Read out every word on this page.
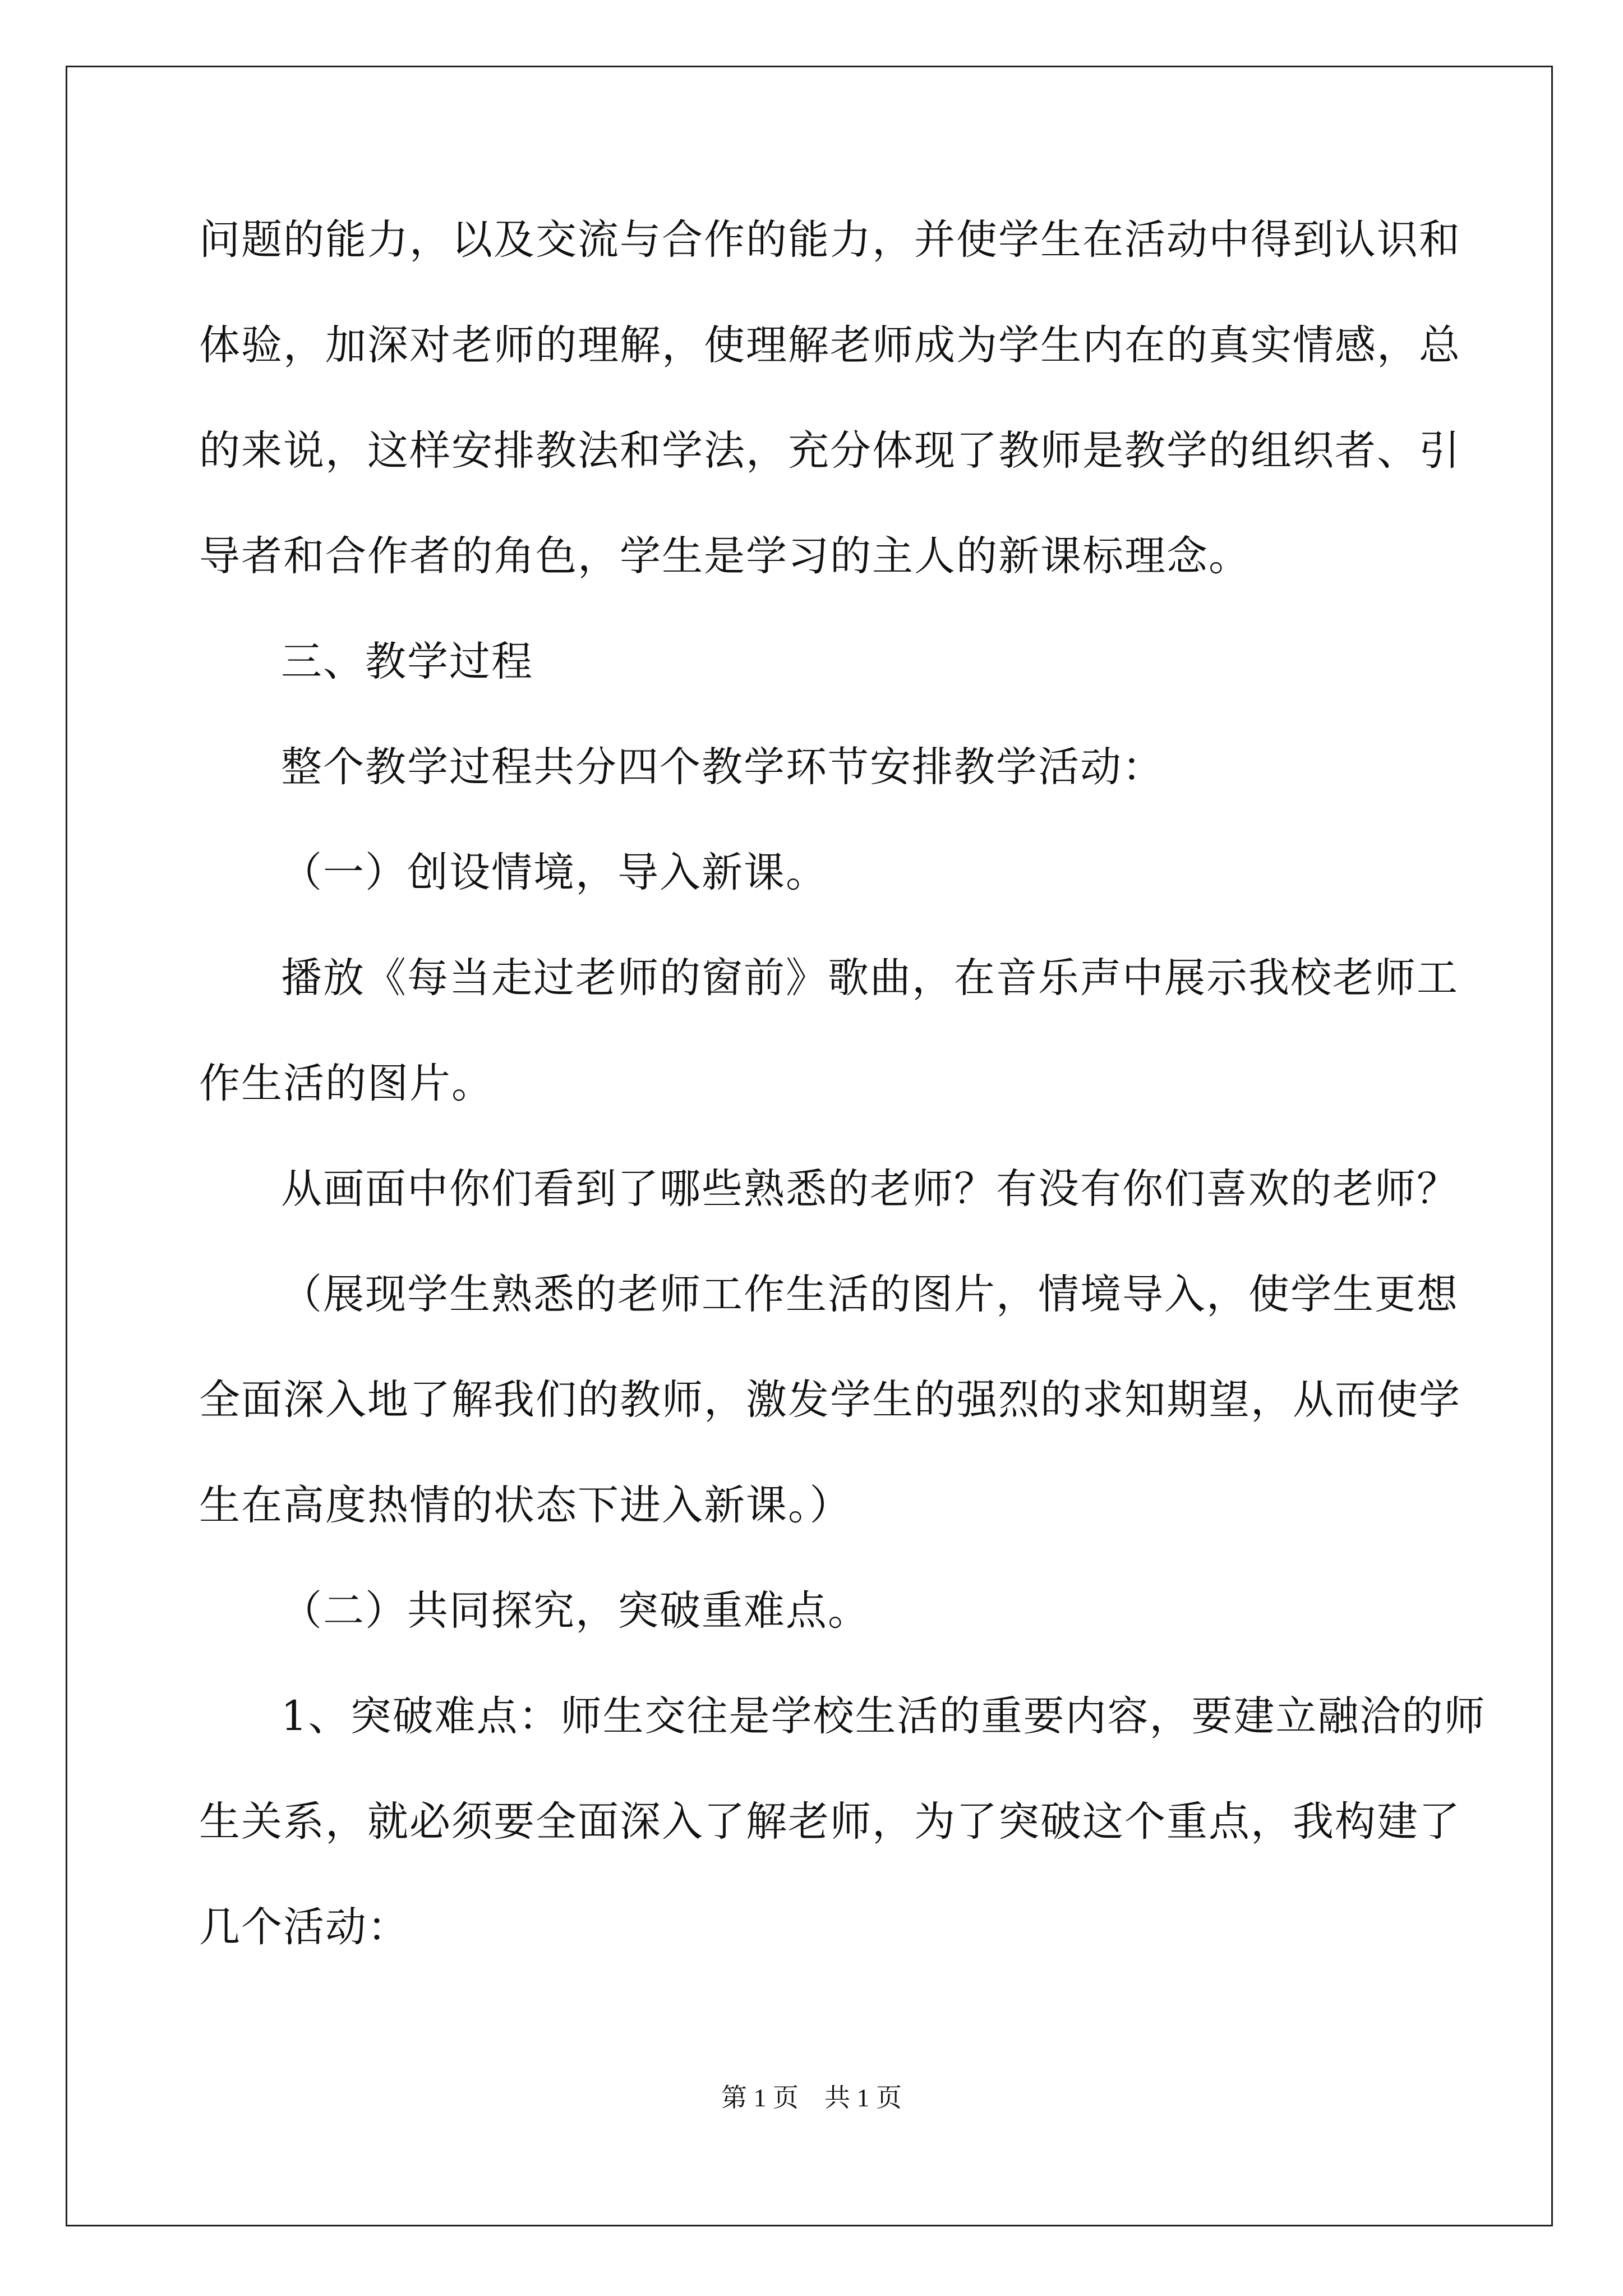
问题的能力，以及交流与合作的能力，并使学生在活动中得到认识和
体验，加深对老师的理解，使理解老师成为学生内在的真实情感，总
的来说，这样安排教法和学法，充分体现了教师是教学的组织者、引
导者和合作者的角色，学生是学习的主人的新课标理念。
三、教学过程
整个教学过程共分四个教学环节安排教学活动：
（一）创设情境，导入新课。
播放《每当走过老师的窗前》歌曲，在音乐声中展示我校老师工
作生活的图片。
从画面中你们看到了哪些熟悉的老师？有没有你们喜欢的老师？
（展现学生熟悉的老师工作生活的图片，情境导入，使学生更想
全面深入地了解我们的教师，激发学生的强烈的求知期望，从而使学
生在高度热情的状态下进入新课。）
（二）共同探究，突破重难点。
1、突破难点：师生交往是学校生活的重要内容，要建立融洽的师
生关系，就必须要全面深入了解老师，为了突破这个重点，我构建了
几个活动：
第 1 页　共 1 页
